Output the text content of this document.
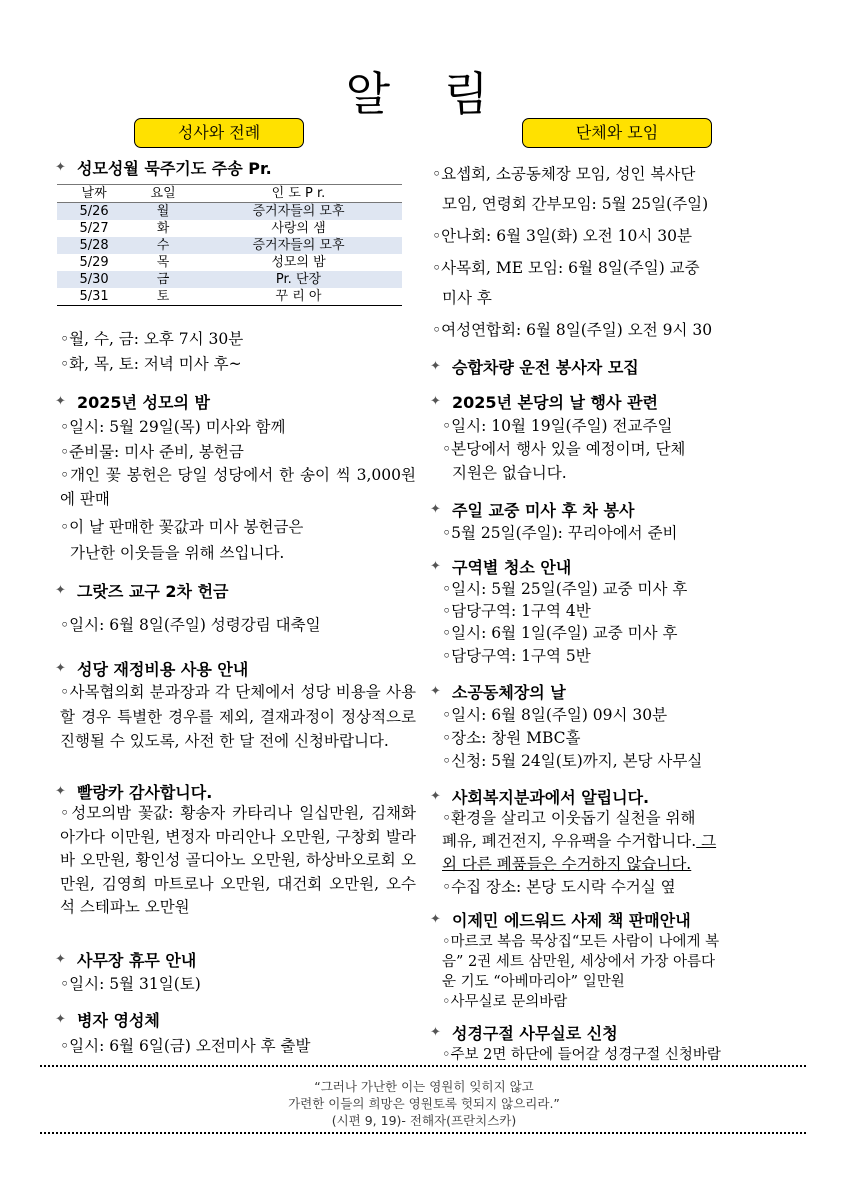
알 림
성사와 전례	단체와 모임
✦ 성모성월 묵주기도 주송 Pr.
날짜	요일	인 도 P r.
5/26	월	증거자들의 모후
5/27	화	사랑의 샘
5/28	수	증거자들의 모후
5/29	목	성모의 밤
5/30	금	Pr. 단장
5/31	토	꾸 리 아
◦월, 수, 금: 오후 7시 30분
◦화, 목, 토: 저녁 미사 후~
✦ 2025년 성모의 밤
◦일시: 5월 29일(목) 미사와 함께
◦준비물: 미사 준비, 봉헌금
◦개인 꽃 봉헌은 당일 성당에서 한 송이 씩 3,000원에 판매
◦이 날 판매한 꽃값과 미사 봉헌금은
가난한 이웃들을 위해 쓰입니다.
✦ 그랏즈 교구 2차 헌금
◦일시: 6월 8일(주일) 성령강림 대축일
✦ 성당 재정비용 사용 안내
◦사목협의회 분과장과 각 단체에서 성당 비용을 사용할 경우 특별한 경우를 제외, 결재과정이 정상적으로 진행될 수 있도록, 사전 한 달 전에 신청바랍니다.
✦ 빨랑카 감사합니다.
◦성모의밤 꽃값: 황송자 카타리나 일십만원, 김채화 아가다 이만원, 변정자 마리안나 오만원, 구창회 발라바 오만원, 황인성 골디아노 오만원, 하상바오로회 오만원, 김영희 마트로나 오만원, 대건회 오만원, 오수석 스테파노 오만원
✦ 사무장 휴무 안내
◦일시: 5월 31일(토)
✦ 병자 영성체
◦일시: 6월 6일(금) 오전미사 후 출발
◦요셉회, 소공동체장 모임, 성인 복사단
모임, 연령회 간부모임: 5월 25일(주일)
◦안나회: 6월 3일(화) 오전 10시 30분
◦사목회, ME 모임: 6월 8일(주일) 교중
미사 후
◦여성연합회: 6월 8일(주일) 오전 9시 30
✦ 승합차량 운전 봉사자 모집
✦ 2025년 본당의 날 행사 관련
◦일시: 10월 19일(주일) 전교주일
◦본당에서 행사 있을 예정이며, 단체
지원은 없습니다.
✦ 주일 교중 미사 후 차 봉사
◦5월 25일(주일): 꾸리아에서 준비
✦ 구역별 청소 안내
◦일시: 5월 25일(주일) 교중 미사 후
◦담당구역: 1구역 4반
◦일시: 6월 1일(주일) 교중 미사 후
◦담당구역: 1구역 5반
✦ 소공동체장의 날
◦일시: 6월 8일(주일) 09시 30분
◦장소: 창원 MBC홀
◦신청: 5월 24일(토)까지, 본당 사무실
✦ 사회복지분과에서 알립니다.
◦환경을 살리고 이웃돕기 실천을 위해
폐유, 폐건전지, 우유팩을 수거합니다. 그
외 다른 폐품들은 수거하지 않습니다.
◦수집 장소: 본당 도시락 수거실 옆
✦ 이제민 에드워드 사제 책 판매안내
◦마르코 복음 묵상집“모든 사람이 나에게 복
음” 2권 세트 삼만원, 세상에서 가장 아름다
운 기도 “아베마리아” 일만원
◦사무실로 문의바람
✦ 성경구절 사무실로 신청
◦주보 2면 하단에 들어갈 성경구절 신청바람
“그러나 가난한 이는 영원히 잊히지 않고
가련한 이들의 희망은 영원토록 헛되지 않으리라.”
(시편 9, 19)- 전해자(프란치스카)
